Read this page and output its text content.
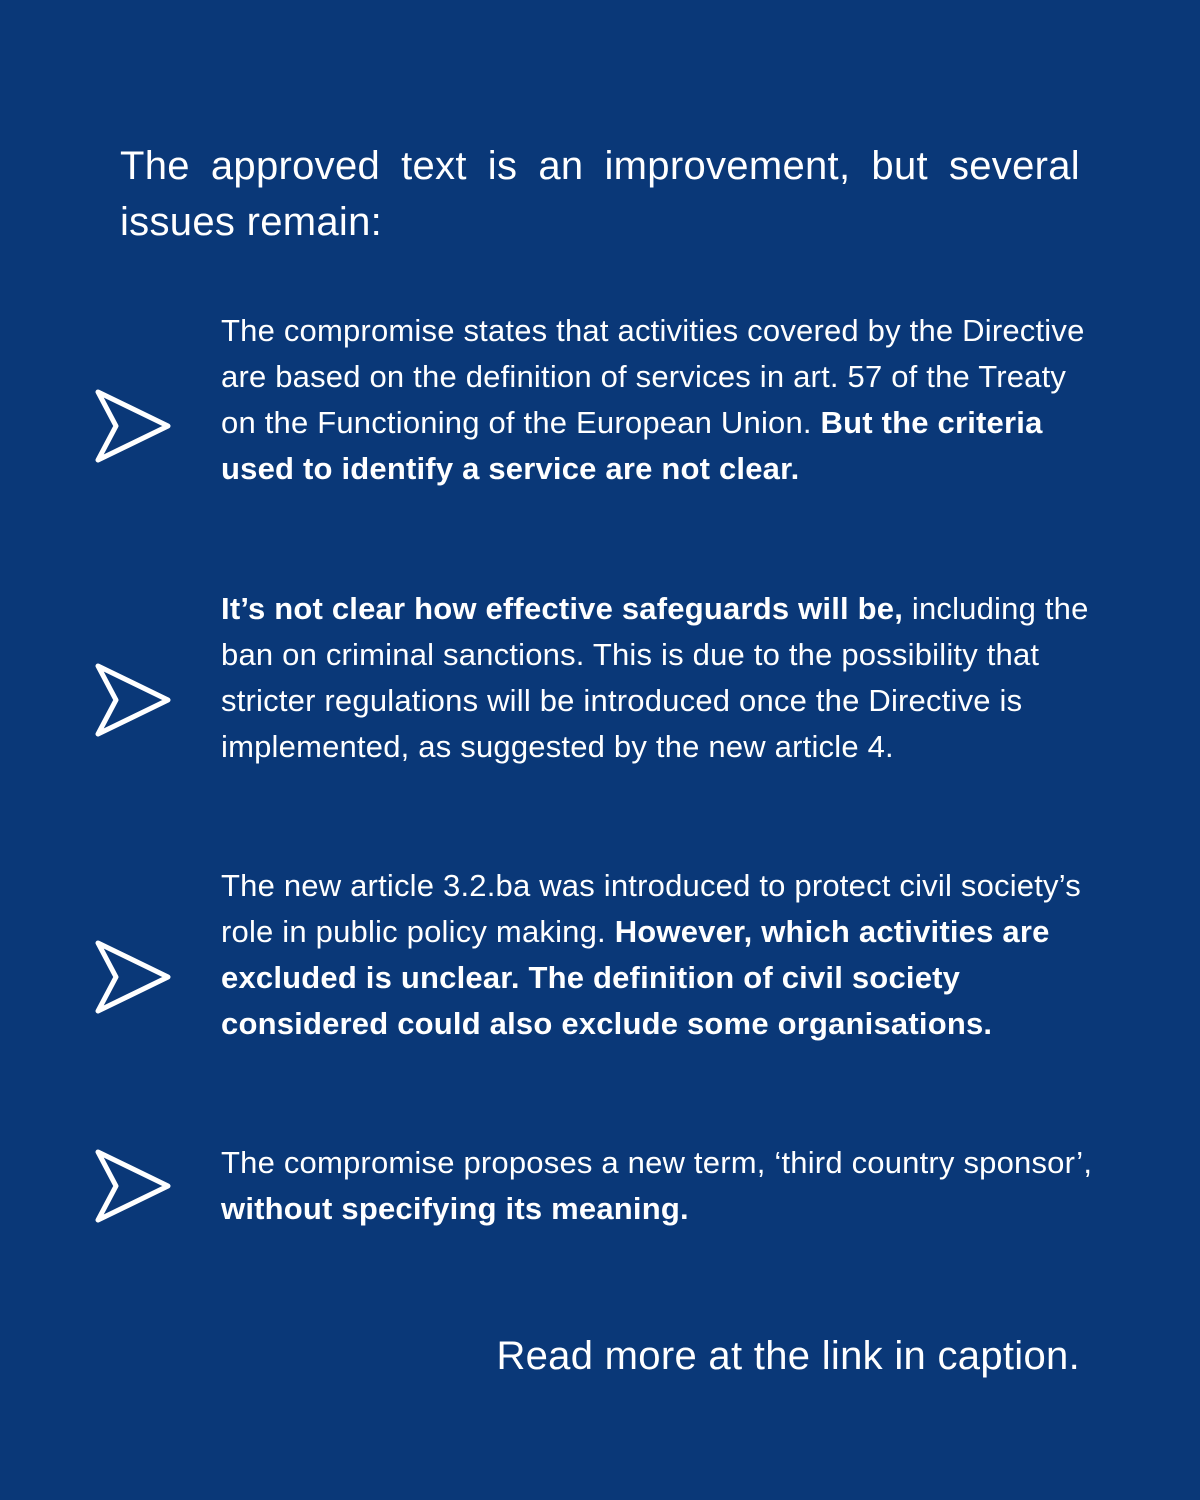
The approved text is an improvement, but several issues remain:
The compromise states that activities covered by the Directive are based on the definition of services in art. 57 of the Treaty on the Functioning of the European Union. But the criteria used to identify a service are not clear.
It’s not clear how effective safeguards will be, including the ban on criminal sanctions. This is due to the possibility that stricter regulations will be introduced once the Directive is implemented, as suggested by the new article 4.
The new article 3.2.ba was introduced to protect civil society’s role in public policy making. However, which activities are excluded is unclear. The definition of civil society considered could also exclude some organisations.
The compromise proposes a new term, ‘third country sponsor’, without specifying its meaning.
Read more at the link in caption.
